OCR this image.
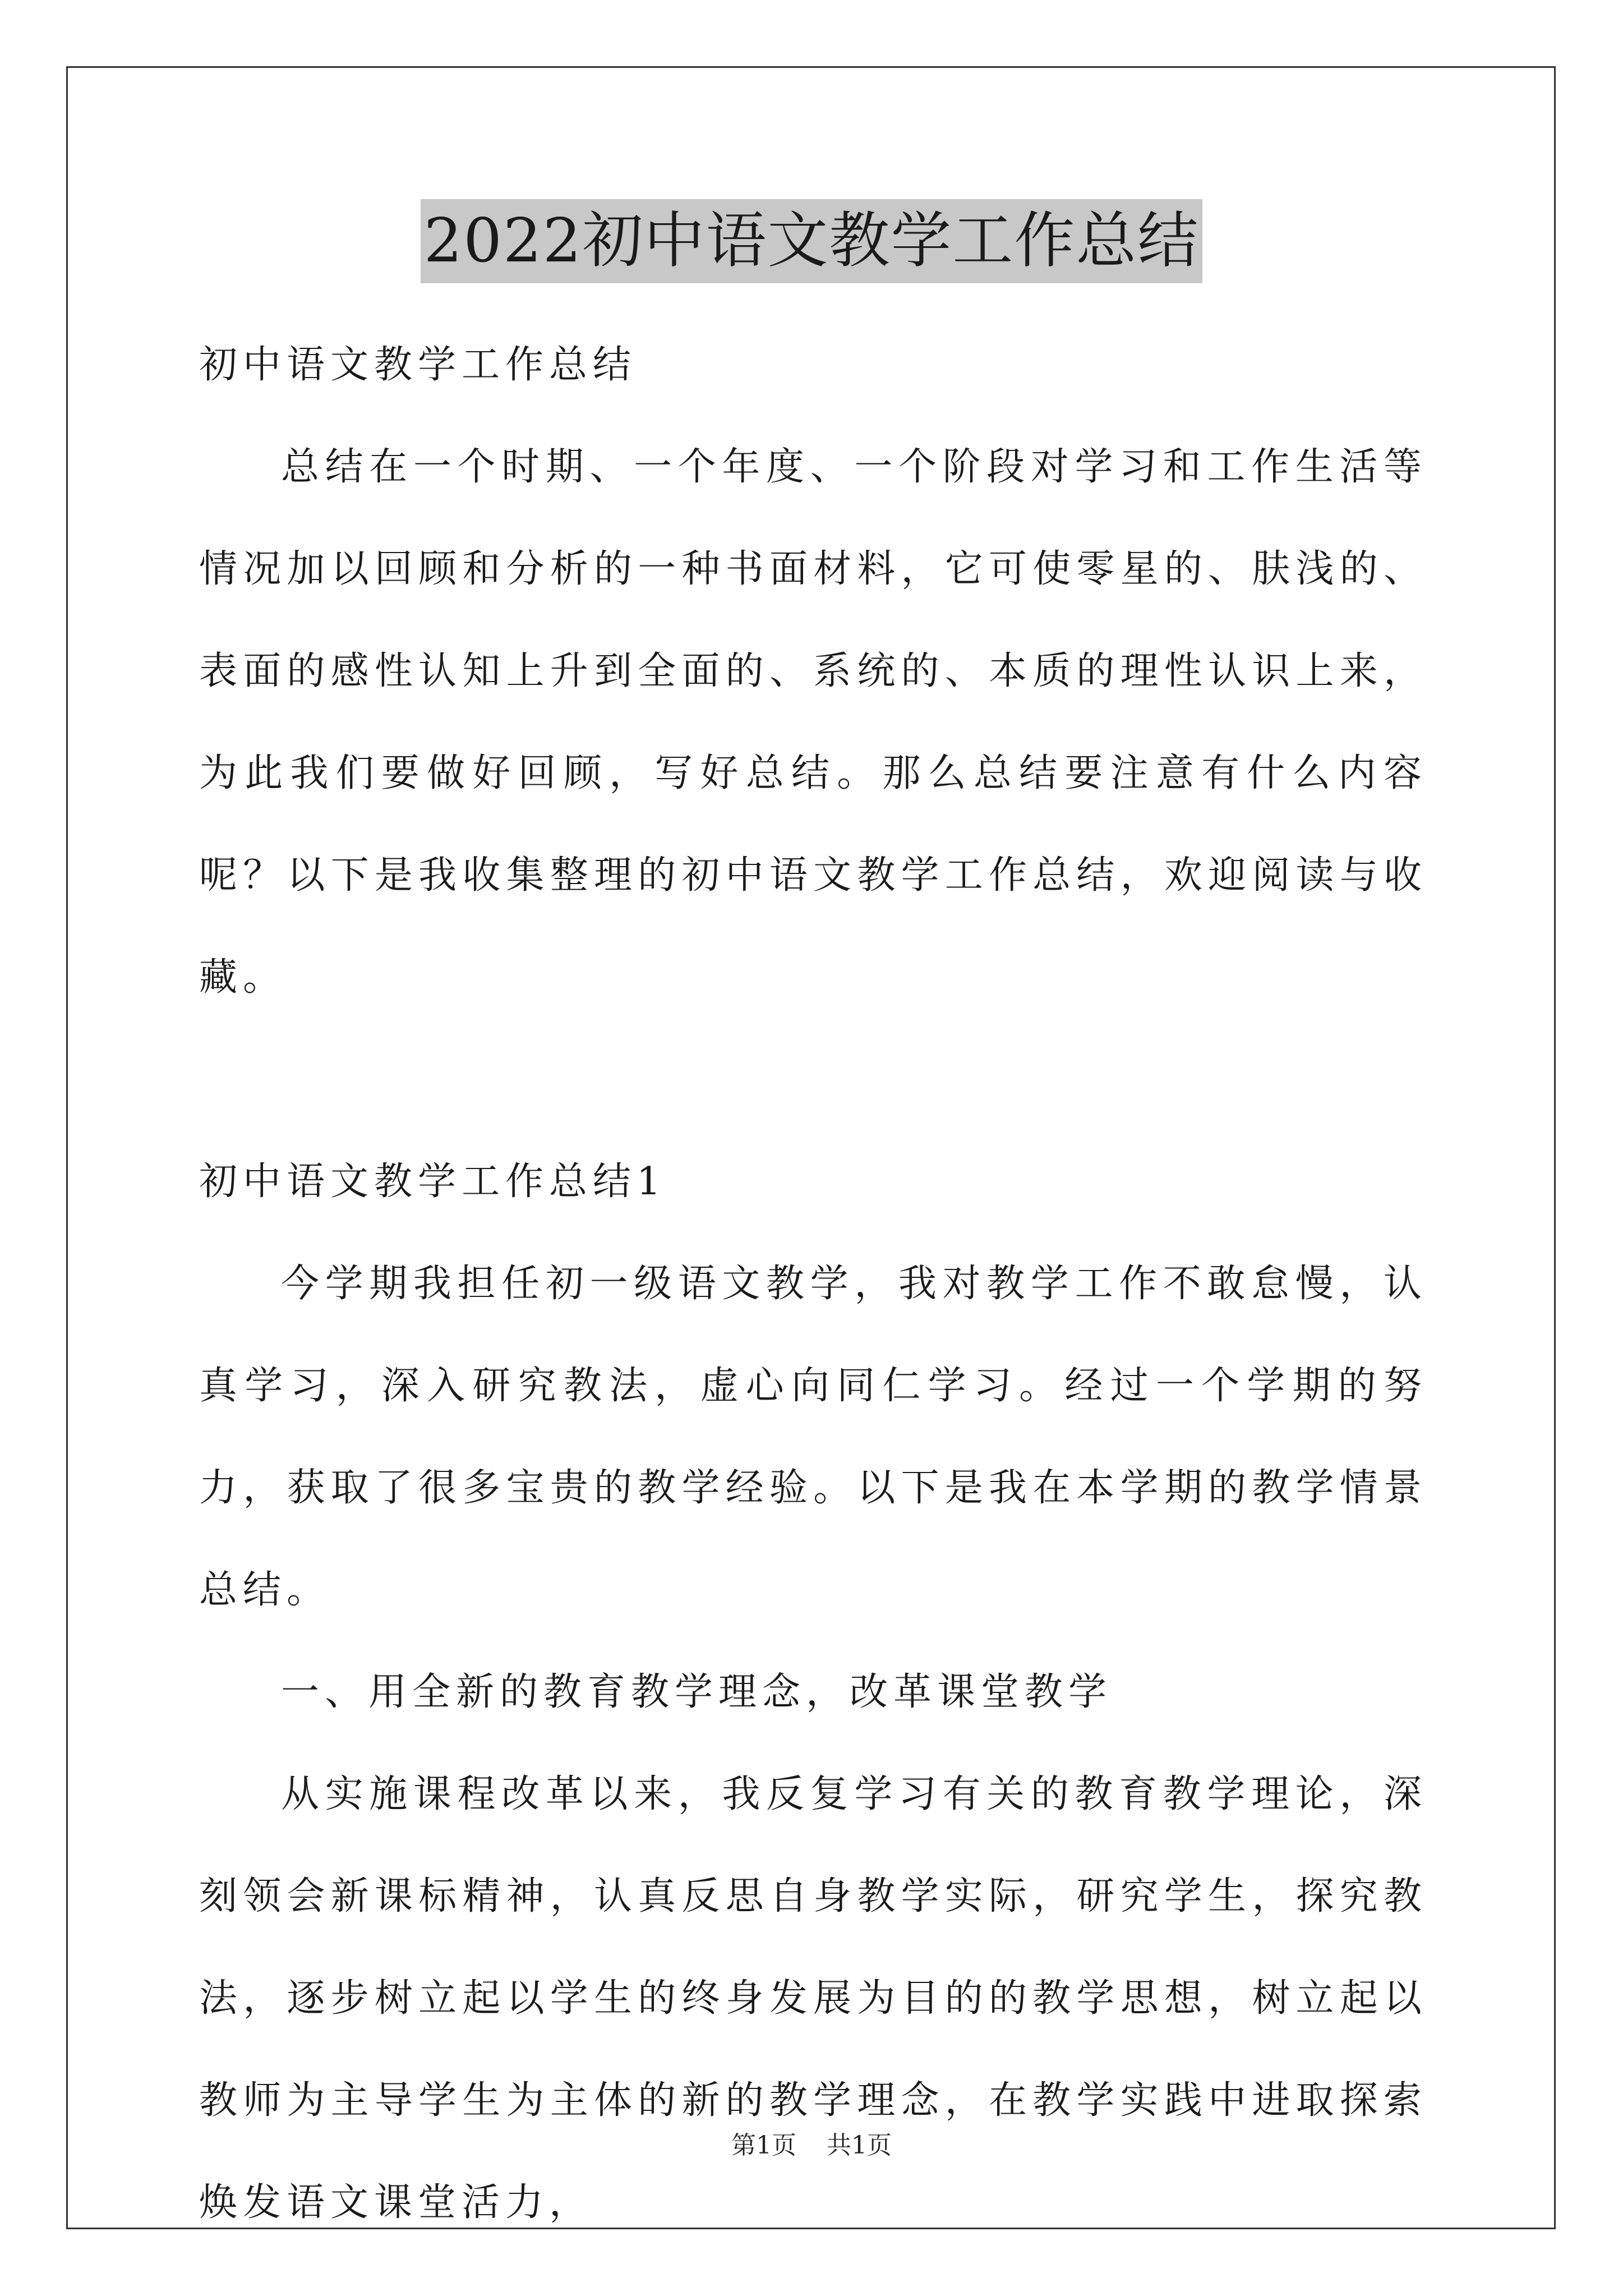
2022初中语文教学工作总结

初中语文教学工作总结

总结在一个时期、一个年度、一个阶段对学习和工作生活等情况加以回顾和分析的一种书面材料，它可使零星的、肤浅的、表面的感性认知上升到全面的、系统的、本质的理性认识上来，为此我们要做好回顾，写好总结。那么总结要注意有什么内容呢？以下是我收集整理的初中语文教学工作总结，欢迎阅读与收藏。

初中语文教学工作总结1

今学期我担任初一级语文教学，我对教学工作不敢怠慢，认真学习，深入研究教法，虚心向同仁学习。经过一个学期的努力，获取了很多宝贵的教学经验。以下是我在本学期的教学情景总结。

一、用全新的教育教学理念，改革课堂教学

从实施课程改革以来，我反复学习有关的教育教学理论，深刻领会新课标精神，认真反思自身教学实际，研究学生，探究教法，逐步树立起以学生的终身发展为目的的教学思想，树立起以教师为主导学生为主体的新的教学理念，在教学实践中进取探索焕发语文课堂活力，

第1页 共1页
